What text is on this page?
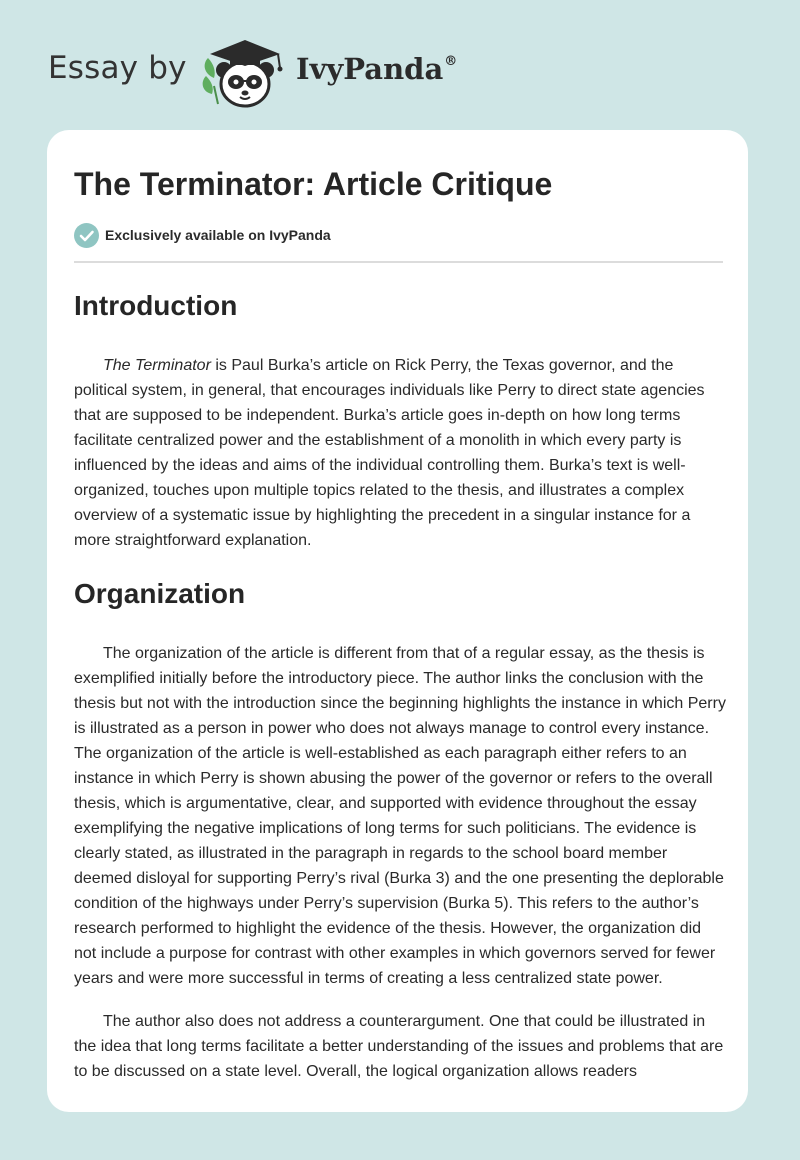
Essay by	IvyPanda®
The Terminator: Article Critique
Exclusively available on IvyPanda
Introduction

The Terminator is Paul Burka’s article on Rick Perry, the Texas governor, and the political system, in general, that encourages individuals like Perry to direct state agencies that are supposed to be independent. Burka’s article goes in-depth on how long terms facilitate centralized power and the establishment of a monolith in which every party is influenced by the ideas and aims of the individual controlling them. Burka’s text is well-organized, touches upon multiple topics related to the thesis, and illustrates a complex overview of a systematic issue by highlighting the precedent in a singular instance for a more straightforward explanation.

Organization

The organization of the article is different from that of a regular essay, as the thesis is exemplified initially before the introductory piece. The author links the conclusion with the thesis but not with the introduction since the beginning highlights the instance in which Perry is illustrated as a person in power who does not always manage to control every instance. The organization of the article is well-established as each paragraph either refers to an instance in which Perry is shown abusing the power of the governor or refers to the overall thesis, which is argumentative, clear, and supported with evidence throughout the essay exemplifying the negative implications of long terms for such politicians. The evidence is clearly stated, as illustrated in the paragraph in regards to the school board member deemed disloyal for supporting Perry’s rival (Burka 3) and the one presenting the deplorable condition of the highways under Perry’s supervision (Burka 5). This refers to the author’s research performed to highlight the evidence of the thesis. However, the organization did not include a purpose for contrast with other examples in which governors served for fewer years and were more successful in terms of creating a less centralized state power.

The author also does not address a counterargument. One that could be illustrated in the idea that long terms facilitate a better understanding of the issues and problems that are to be discussed on a state level. Overall, the logical organization allows readers
